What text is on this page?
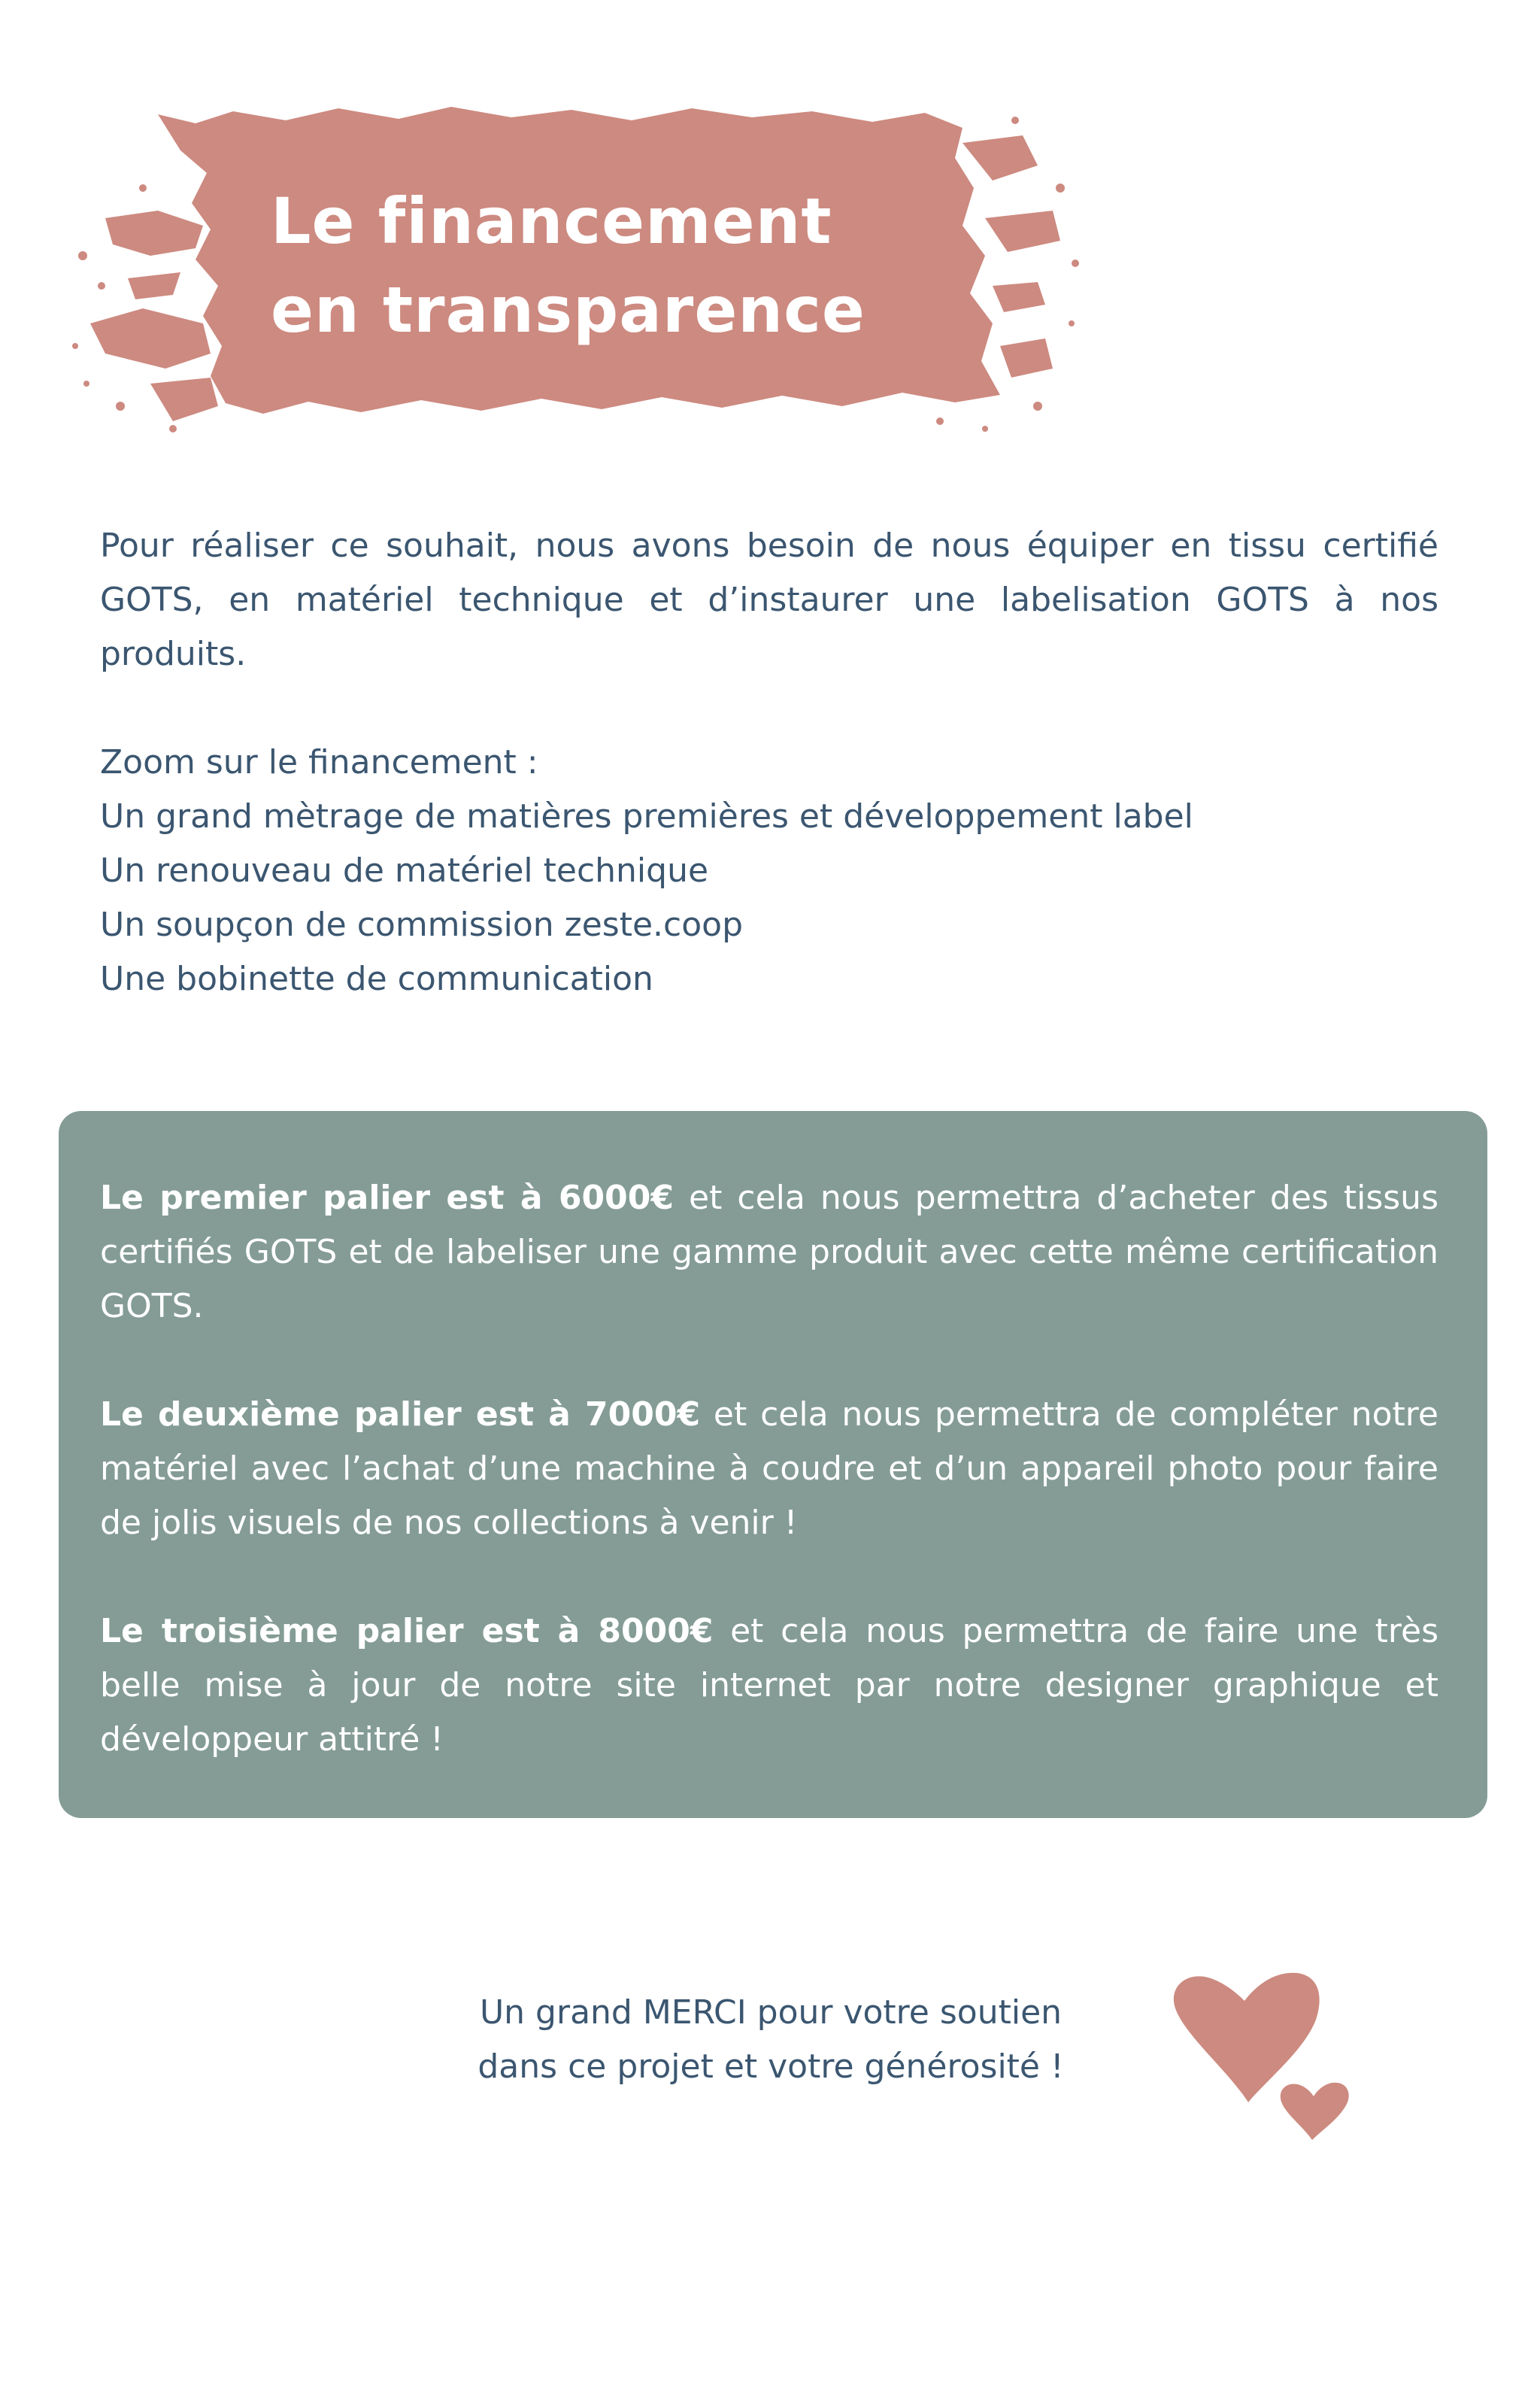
Le financement
en transparence

Pour réaliser ce souhait, nous avons besoin de nous équiper en tissu certifié GOTS, en matériel technique et d’instaurer une labelisation GOTS à nos produits.

Zoom sur le financement :
Un grand mètrage de matières premières et développement label
Un renouveau de matériel technique
Un soupçon de commission zeste.coop
Une bobinette de communication

Le premier palier est à 6000€ et cela nous permettra d’acheter des tissus certifiés GOTS et de labeliser une gamme produit avec cette même certification GOTS.

Le deuxième palier est à 7000€ et cela nous permettra de compléter notre matériel avec l’achat d’une machine à coudre et d’un appareil photo pour faire de jolis visuels de nos collections à venir !

Le troisième palier est à 8000€ et cela nous permettra de faire une très belle mise à jour de notre site internet par notre designer graphique et développeur attitré !

Un grand MERCI pour votre soutien
dans ce projet et votre générosité !
